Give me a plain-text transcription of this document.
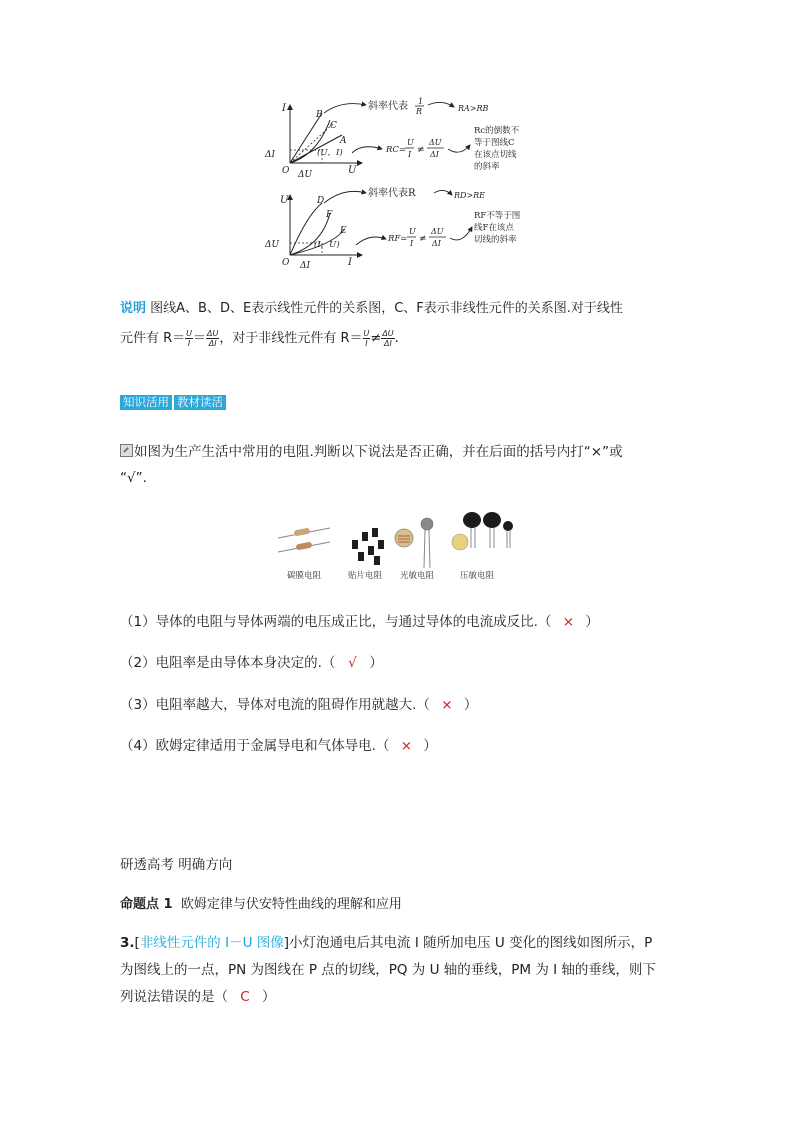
I
U
O
B
C
A
ΔI
ΔU
(U，I)
斜率代表 1
R	RA>RB
RC=
U
I ≠
ΔU
ΔI
Rc的倒数不
等于图线C
在该点切线
的斜率
U
I
O
D
F
E
ΔU
ΔI
(I，U)
斜率代表R	RD>RE
RF=
U
I ≠
ΔU
ΔI
RF不等于图
线F在该点
切线的斜率
说明 图线A、B、D、E表示线性元件的关系图，C、F表示非线性元件的关系图.对于线性
元件有 $R= \frac{U}{I} = \frac{\Delta U}{\Delta I}$ ，对于非线性元件有 $R= \frac{U}{I} \ne \frac{\Delta U}{\Delta I}$ .
知识活用 教材读活
如图为生产生活中常用的电阻.判断以下说法是否正确，并在后面的括号内打“×”或
“√”.
碳膜电阻	贴片电阻 光敏电阻	压敏电阻
（1）导体的电阻与导体两端的电压成正比，与通过导体的电流成反比.（ × ）
（2）电阻率是由导体本身决定的.（ √ ）
（3）电阻率越大，导体对电流的阻碍作用就越大.（ × ）
（4）欧姆定律适用于金属导电和气体导电.（ × ）
研透高考 明确方向
命题点 1 欧姆定律与伏安特性曲线的理解和应用
3.[非线性元件的 I－U 图像]小灯泡通电后其电流 I 随所加电压 U 变化的图线如图所示，P
为图线上的一点，PN 为图线在 P 点的切线，PQ 为 U 轴的垂线，PM 为 I 轴的垂线，则下
列说法错误的是（ C ）
